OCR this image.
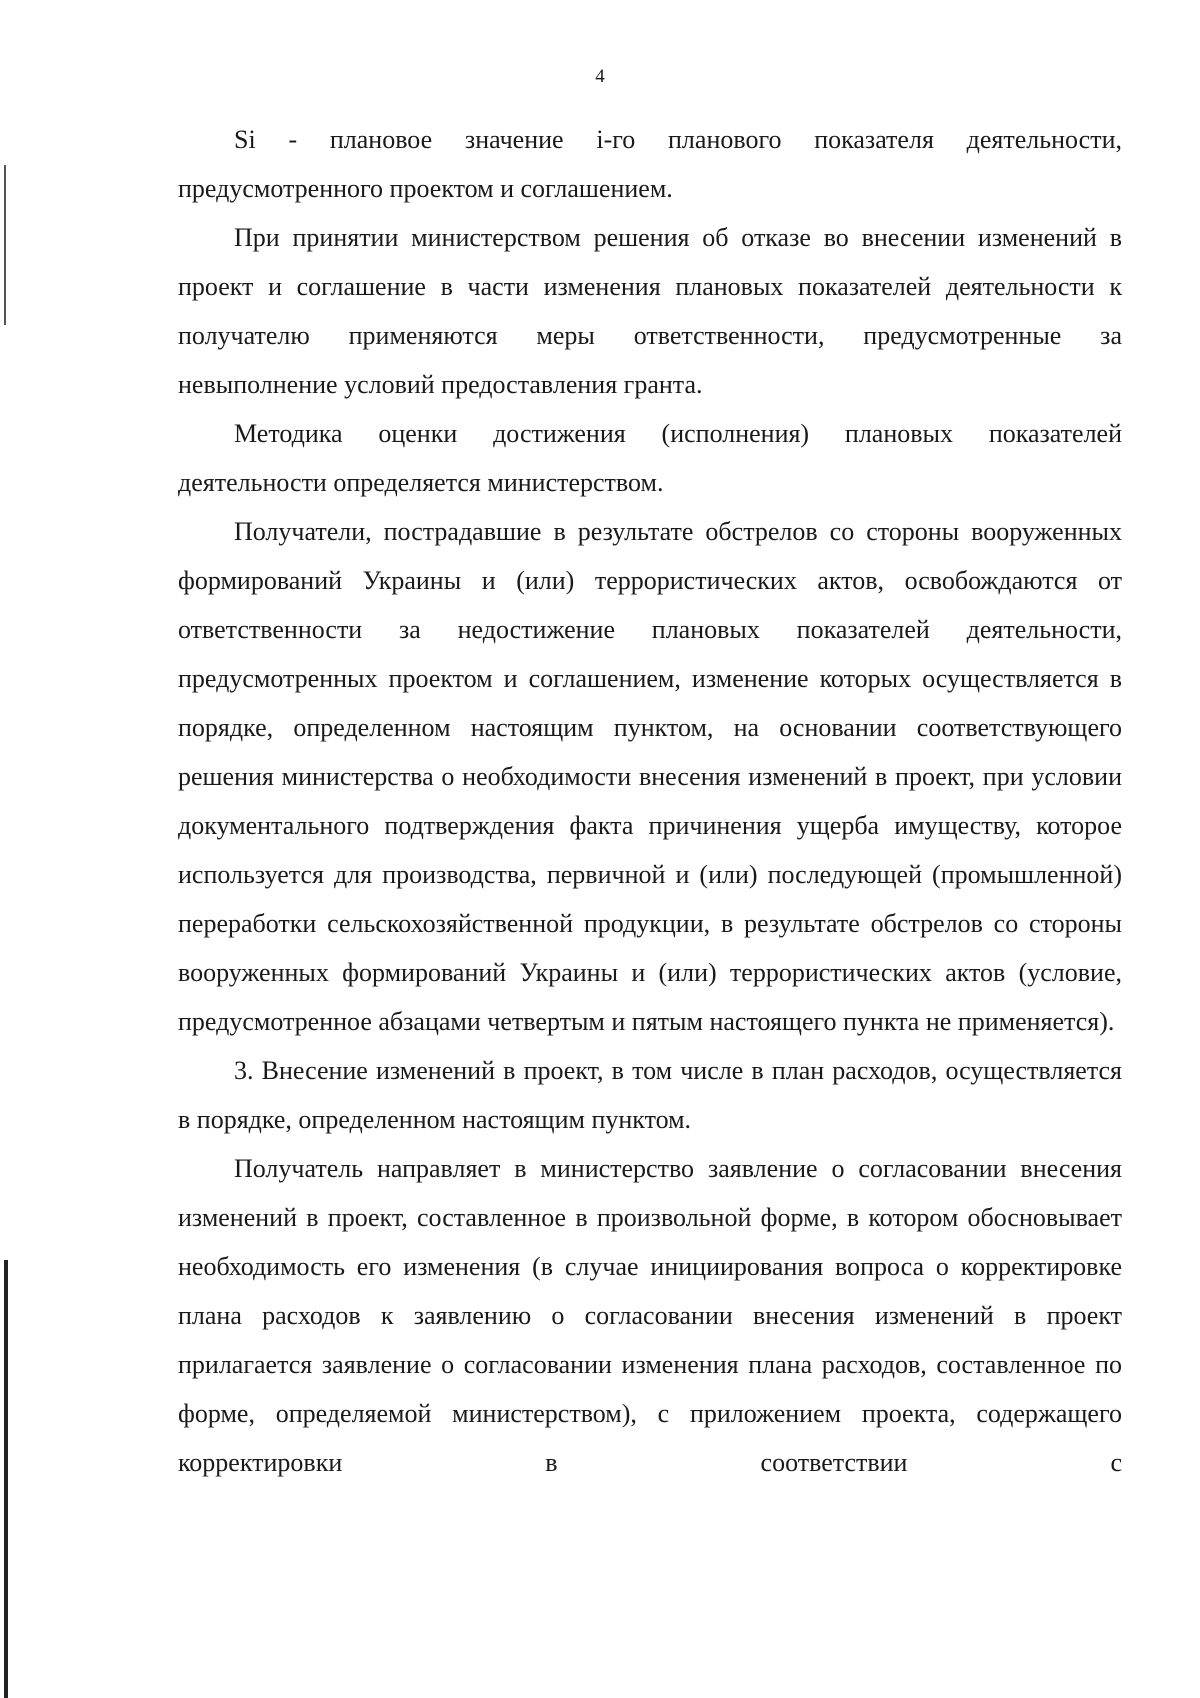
4

Si - плановое значение i-го планового показателя деятельности, предусмотренного проектом и соглашением.

При принятии министерством решения об отказе во внесении изменений в проект и соглашение в части изменения плановых показателей деятельности к получателю применяются меры ответственности, предусмотренные за невыполнение условий предоставления гранта.

Методика оценки достижения (исполнения) плановых показателей деятельности определяется министерством.

Получатели, пострадавшие в результате обстрелов со стороны вооруженных формирований Украины и (или) террористических актов, освобождаются от ответственности за недостижение плановых показателей деятельности, предусмотренных проектом и соглашением, изменение которых осуществляется в порядке, определенном настоящим пунктом, на основании соответствующего решения министерства о необходимости внесения изменений в проект, при условии документального подтверждения факта причинения ущерба имуществу, которое используется для производства, первичной и (или) последующей (промышленной) переработки сельскохозяйственной продукции, в результате обстрелов со стороны вооруженных формирований Украины и (или) террористических актов (условие, предусмотренное абзацами четвертым и пятым настоящего пункта не применяется).

3. Внесение изменений в проект, в том числе в план расходов, осуществляется в порядке, определенном настоящим пунктом.

Получатель направляет в министерство заявление о согласовании внесения изменений в проект, составленное в произвольной форме, в котором обосновывает необходимость его изменения (в случае инициирования вопроса о корректировке плана расходов к заявлению о согласовании внесения изменений в проект прилагается заявление о согласовании изменения плана расходов, составленное по форме, определяемой министерством), с приложением проекта, содержащего корректировки в соответствии с
